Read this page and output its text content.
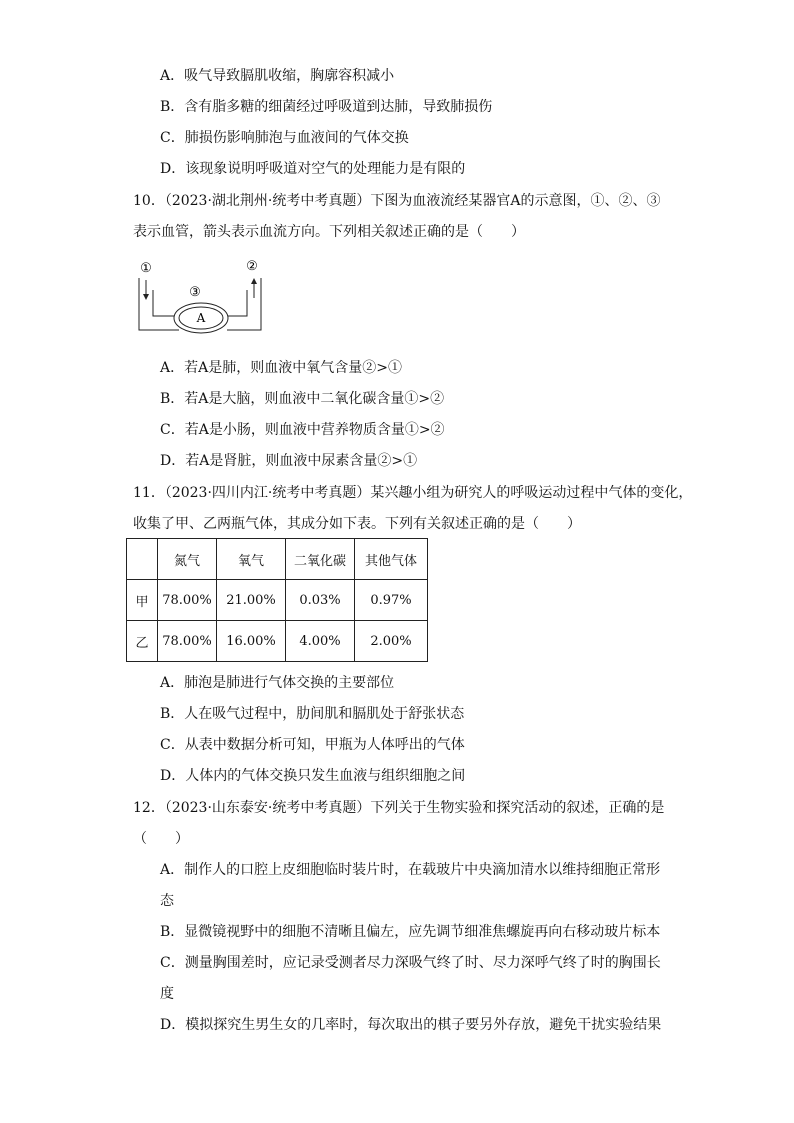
A．吸气导致膈肌收缩，胸廓容积减小
B．含有脂多糖的细菌经过呼吸道到达肺，导致肺损伤
C．肺损伤影响肺泡与血液间的气体交换
D．该现象说明呼吸道对空气的处理能力是有限的
10．（2023·湖北荆州·统考中考真题）下图为血液流经某器官A的示意图，①、②、③
表示血管，箭头表示血流方向。下列相关叙述正确的是（　　）
A
①	②
③
A．若A是肺，则血液中氧气含量②>①
B．若A是大脑，则血液中二氧化碳含量①>②
C．若A是小肠，则血液中营养物质含量①>②
D．若A是肾脏，则血液中尿素含量②>①
11．（2023·四川内江·统考中考真题）某兴趣小组为研究人的呼吸运动过程中气体的变化，
收集了甲、乙两瓶气体，其成分如下表。下列有关叙述正确的是（　　）
	氮气	氧气	二氧化碳	其他气体
甲	78.00%	21.00%	0.03%	0.97%
乙	78.00%	16.00%	4.00%	2.00%
A．肺泡是肺进行气体交换的主要部位
B．人在吸气过程中，肋间肌和膈肌处于舒张状态
C．从表中数据分析可知，甲瓶为人体呼出的气体
D．人体内的气体交换只发生血液与组织细胞之间
12．（2023·山东泰安·统考中考真题）下列关于生物实验和探究活动的叙述，正确的是
（　　）
A．制作人的口腔上皮细胞临时装片时，在载玻片中央滴加清水以维持细胞正常形
态
B．显微镜视野中的细胞不清晰且偏左，应先调节细准焦螺旋再向右移动玻片标本
C．测量胸围差时，应记录受测者尽力深吸气终了时、尽力深呼气终了时的胸围长
度
D．模拟探究生男生女的几率时，每次取出的棋子要另外存放，避免干扰实验结果
